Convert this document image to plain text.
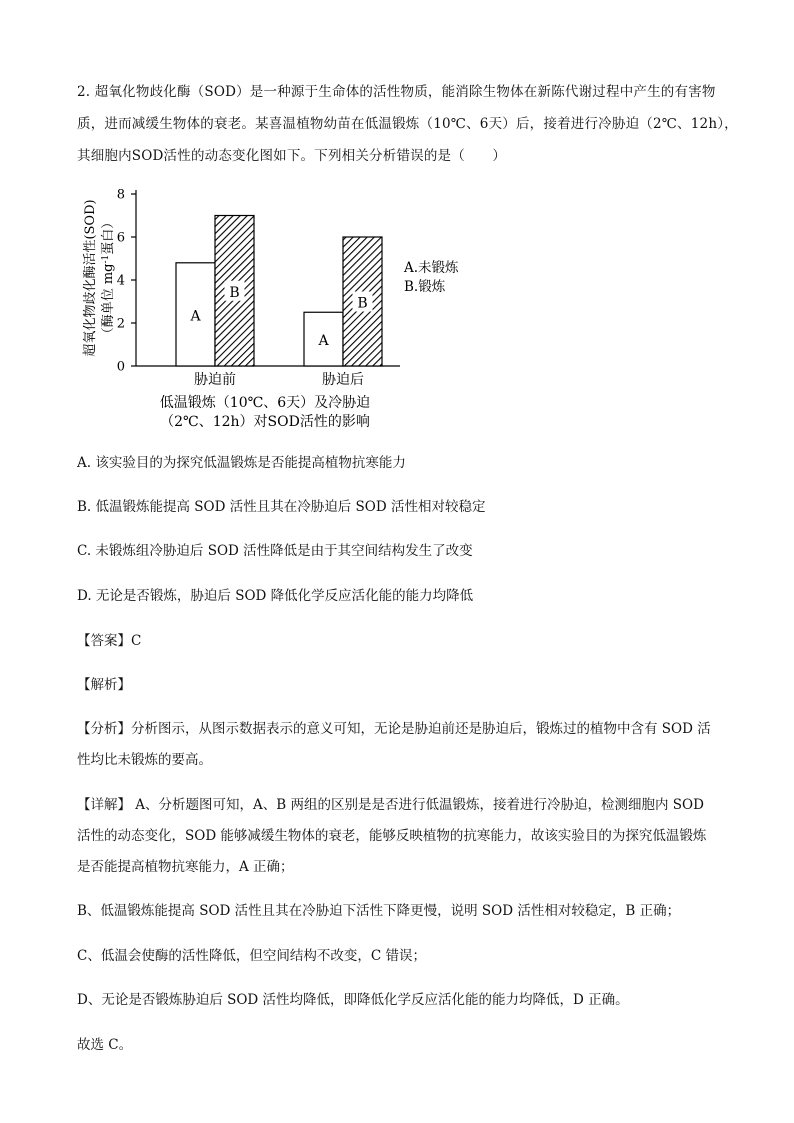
2. 超氧化物歧化酶（SOD）是一种源于生命体的活性物质，能消除生物体在新陈代谢过程中产生的有害物
质，进而减缓生物体的衰老。某喜温植物幼苗在低温锻炼（10℃、6天）后，接着进行冷胁迫（2℃、12h），
其细胞内SOD活性的动态变化图如下。下列相关分析错误的是（　　）
超氧化物歧化酶活性(SOD) （酶单位 $mg^{-1}$蛋白）
0
2
4
6
8
A
B
A
B
胁迫前	胁迫后
A.未锻炼
B.锻炼
低温锻炼（10℃、6天）及冷胁迫
（2℃、12h）对SOD活性的影响
A. 该实验目的为探究低温锻炼是否能提高植物抗寒能力
B. 低温锻炼能提高 SOD 活性且其在冷胁迫后 SOD 活性相对较稳定
C. 未锻炼组冷胁迫后 SOD 活性降低是由于其空间结构发生了改变
D. 无论是否锻炼，胁迫后 SOD 降低化学反应活化能的能力均降低
【答案】C
【解析】
【分析】分析图示，从图示数据表示的意义可知，无论是胁迫前还是胁迫后，锻炼过的植物中含有 SOD 活
性均比未锻炼的要高。
【详解】 A、分析题图可知，A、B 两组的区别是是否进行低温锻炼，接着进行冷胁迫，检测细胞内 SOD
活性的动态变化，SOD 能够减缓生物体的衰老，能够反映植物的抗寒能力，故该实验目的为探究低温锻炼
是否能提高植物抗寒能力，A 正确；
B、低温锻炼能提高 SOD 活性且其在冷胁迫下活性下降更慢，说明 SOD 活性相对较稳定，B 正确；
C、低温会使酶的活性降低，但空间结构不改变，C 错误；
D、无论是否锻炼胁迫后 SOD 活性均降低，即降低化学反应活化能的能力均降低，D 正确。
故选 C。
